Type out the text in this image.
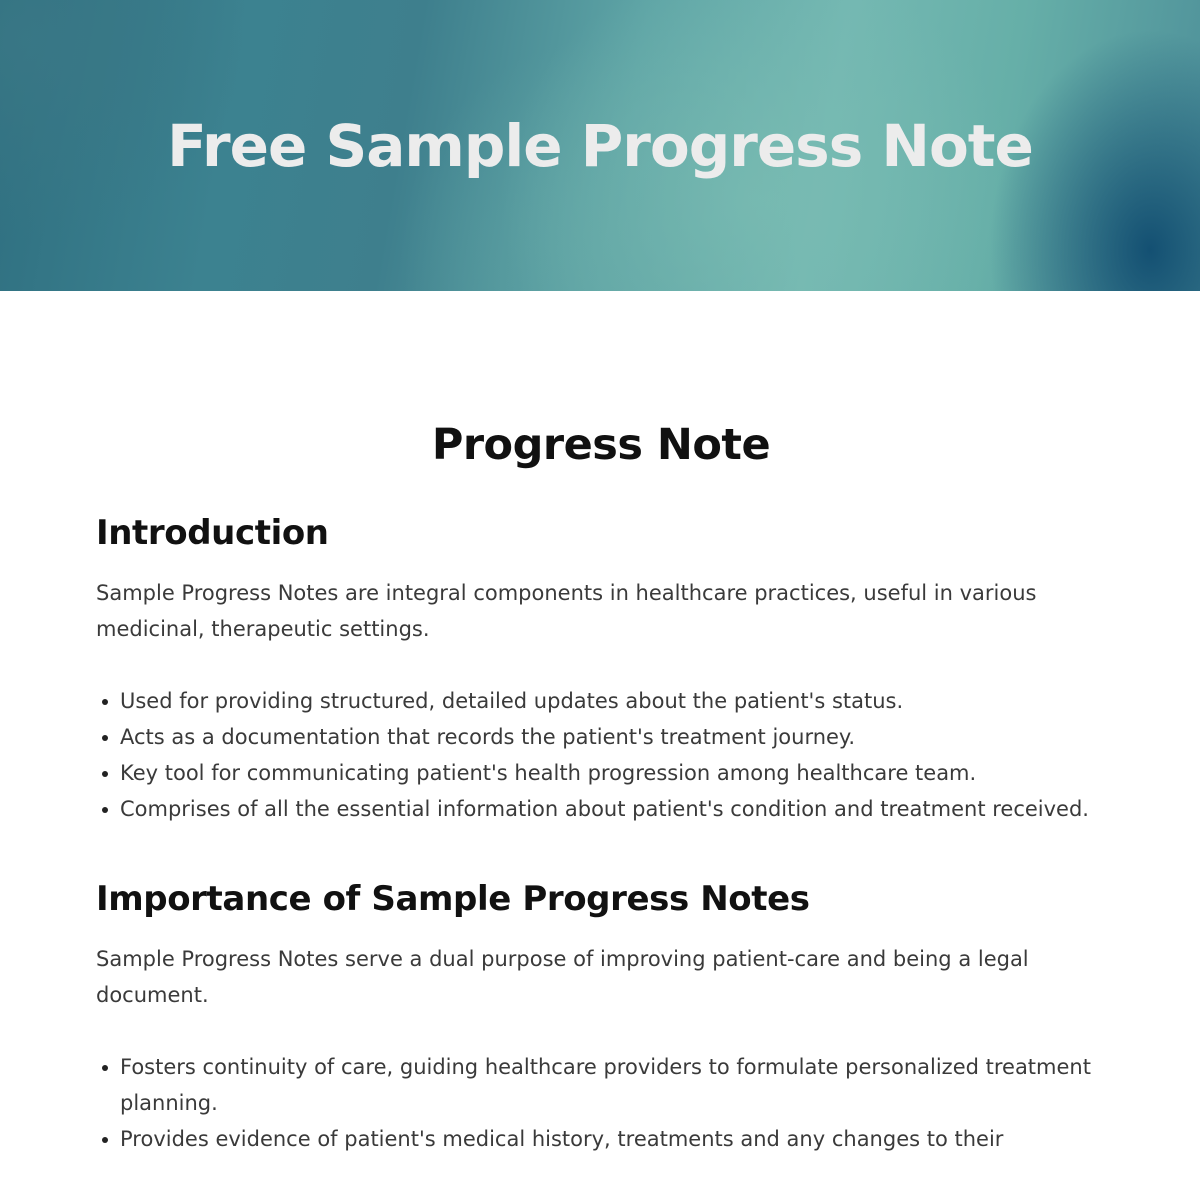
Free Sample Progress Note
Progress Note
Introduction

Sample Progress Notes are integral components in healthcare practices, useful in various medicinal, therapeutic settings.

Used for providing structured, detailed updates about the patient's status.
Acts as a documentation that records the patient's treatment journey.
Key tool for communicating patient's health progression among healthcare team.
Comprises of all the essential information about patient's condition and treatment received.
Importance of Sample Progress Notes

Sample Progress Notes serve a dual purpose of improving patient-care and being a legal document.

Fosters continuity of care, guiding healthcare providers to formulate personalized treatment planning.
Provides evidence of patient's medical history, treatments and any changes to their
